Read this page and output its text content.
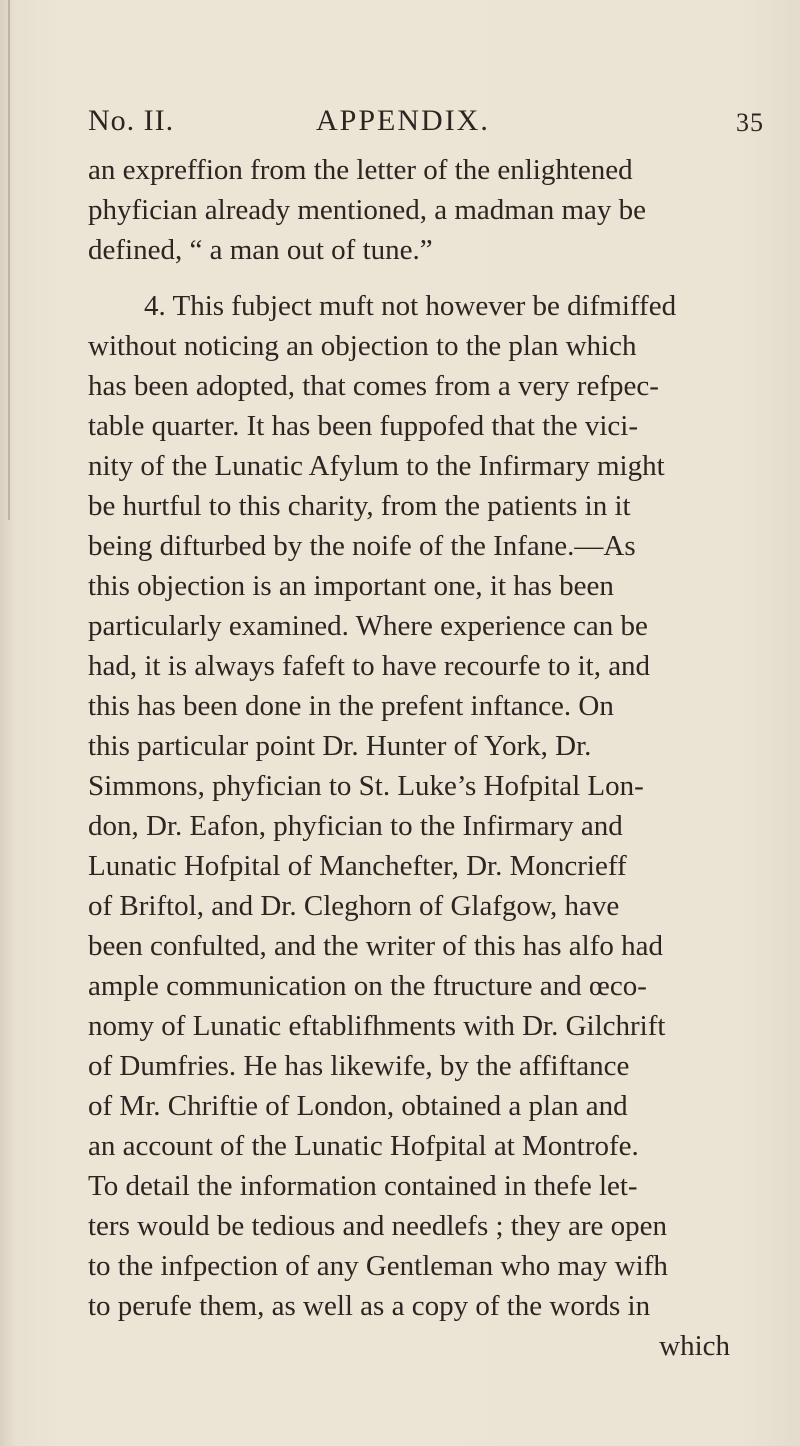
No. II.	APPENDIX.	35
an expreffion from the letter of the enlightened
phyfician already mentioned, a madman may be
defined, “ a man out of tune.”
4. This fubject muft not however be difmiffed
without noticing an objection to the plan which
has been adopted, that comes from a very refpec-
table quarter. It has been fuppofed that the vici-
nity of the Lunatic Afylum to the Infirmary might
be hurtful to this charity, from the patients in it
being difturbed by the noife of the Infane.—As
this objection is an important one, it has been
particularly examined. Where experience can be
had, it is always fafeft to have recourfe to it, and
this has been done in the prefent inftance. On
this particular point Dr. Hunter of York, Dr.
Simmons, phyfician to St. Luke’s Hofpital Lon-
don, Dr. Eafon, phyfician to the Infirmary and
Lunatic Hofpital of Manchefter, Dr. Moncrieff
of Briftol, and Dr. Cleghorn of Glafgow, have
been confulted, and the writer of this has alfo had
ample communication on the ftructure and œco-
nomy of Lunatic eftablifhments with Dr. Gilchrift
of Dumfries. He has likewife, by the affiftance
of Mr. Chriftie of London, obtained a plan and
an account of the Lunatic Hofpital at Montrofe.
To detail the information contained in thefe let-
ters would be tedious and needlefs ; they are open
to the infpection of any Gentleman who may wifh
to perufe them, as well as a copy of the words in
which
